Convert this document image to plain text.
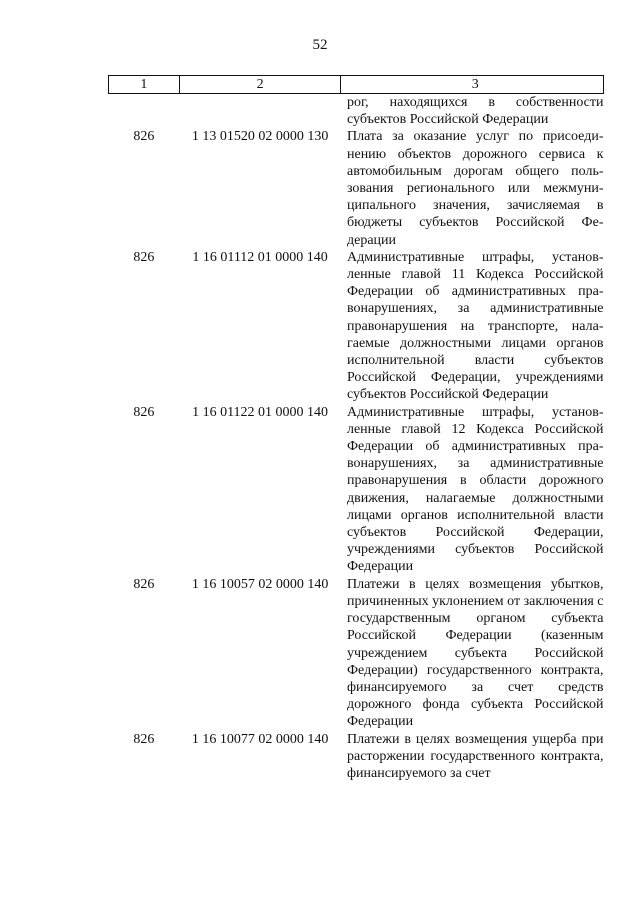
52
1	2	3
		рог, находящихся в собственности субъектов Российской Федерации
826	1 13 01520 02 0000 130	Плата за оказание услуг по присоединению объектов дорожного сервиса к автомобильным дорогам общего пользования регионального или межмуниципального значения, зачисляемая в бюджеты субъектов Российской Федерации
826	1 16 01112 01 0000 140	Административные штрафы, установленные главой 11 Кодекса Российской Федерации об административных правонарушениях, за административные правонарушения на транспорте, налагаемые должностными лицами органов исполнительной власти субъектов Российской Федерации, учреждениями субъектов Российской Федерации
826	1 16 01122 01 0000 140	Административные штрафы, установленные главой 12 Кодекса Российской Федерации об административных правонарушениях, за административные правонарушения в области дорожного движения, налагаемые должностными лицами органов исполнительной власти субъектов Российской Федерации, учреждениями субъектов Российской Федерации
826	1 16 10057 02 0000 140	Платежи в целях возмещения убытков, причиненных уклонением от заключения с государственным органом субъекта Российской Федерации (казенным учреждением субъекта Российской Федерации) государственного контракта, финансируемого за счет средств дорожного фонда субъекта Российской Федерации
826	1 16 10077 02 0000 140	Платежи в целях возмещения ущерба при расторжении государственного контракта, финансируемого за счет
